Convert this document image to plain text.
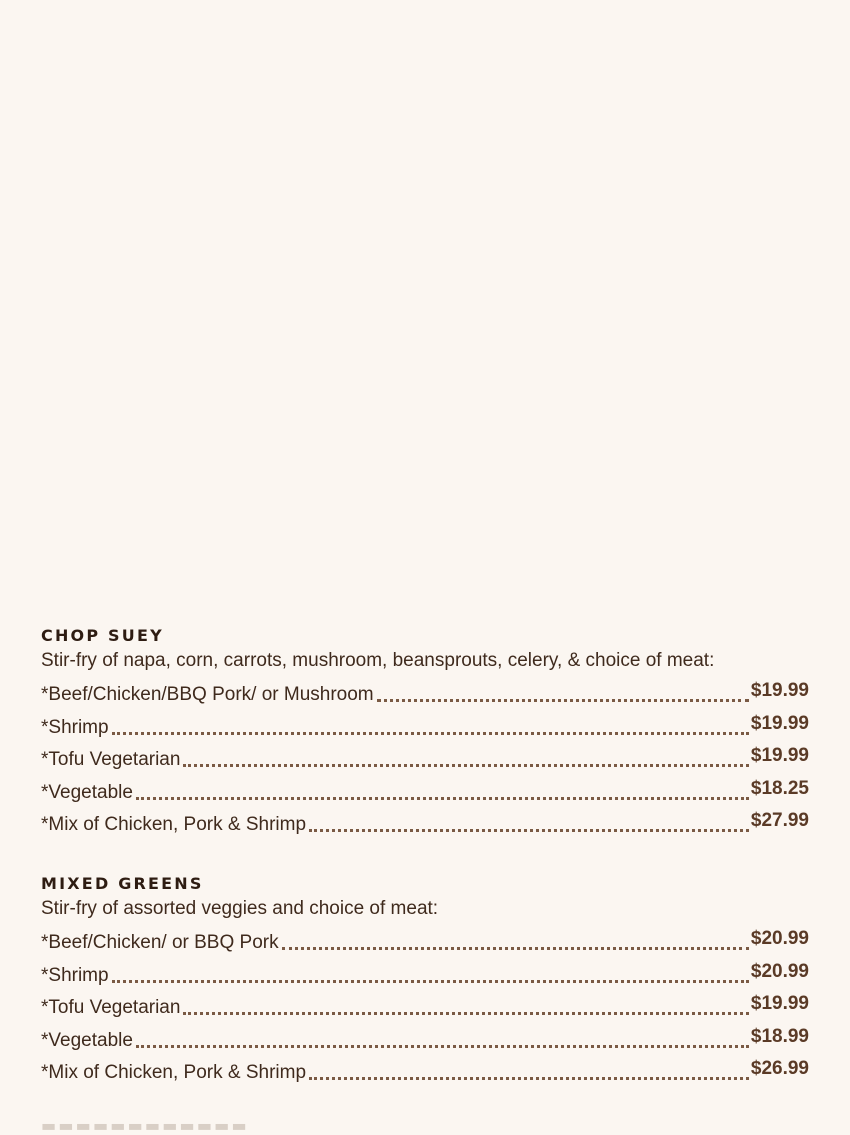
CHOP SUEY
Stir-fry of napa, corn, carrots, mushroom, beansprouts, celery, & choice of meat:
*Beef/Chicken/BBQ Pork/ or Mushroom	$19.99
*Shrimp	$19.99
*Tofu Vegetarian	$19.99
*Vegetable	$18.25
*Mix of Chicken, Pork & Shrimp	$27.99
MIXED GREENS
Stir-fry of assorted veggies and choice of meat:
*Beef/Chicken/ or BBQ Pork	$20.99
*Shrimp	$20.99
*Tofu Vegetarian	$19.99
*Vegetable	$18.99
*Mix of Chicken, Pork & Shrimp	$26.99
▬▬▬▬▬▬▬▬▬▬▬▬
